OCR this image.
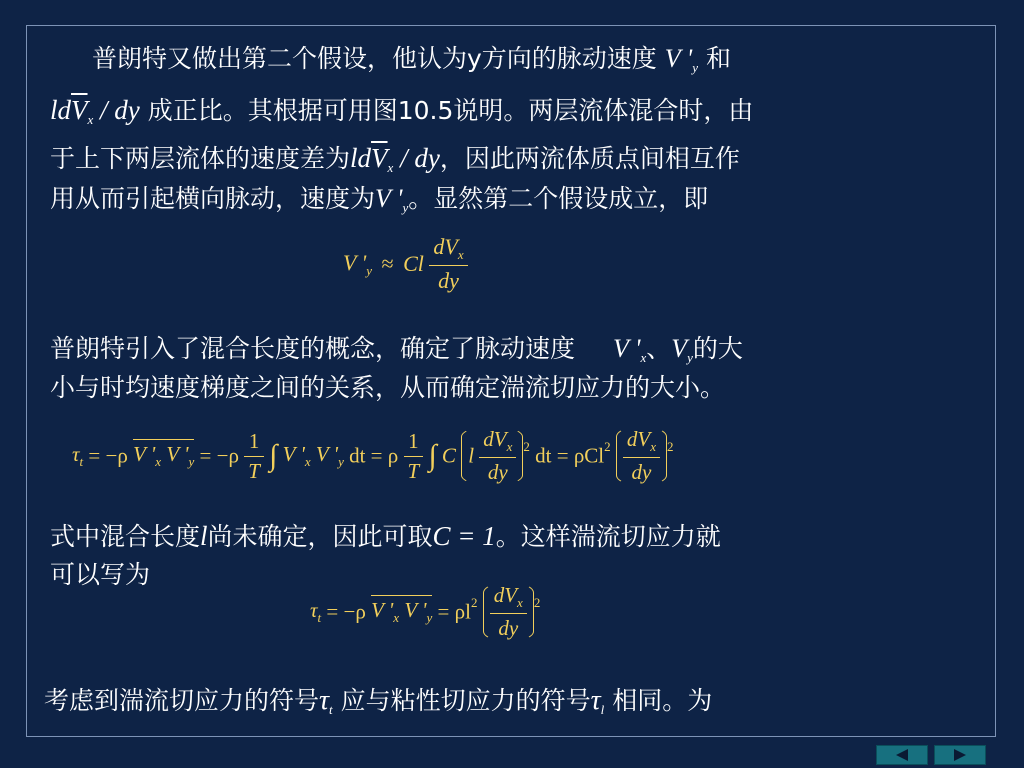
普朗特又做出第二个假设，他认为y方向的脉动速度 V '$_y$ 和
$ld\overline{V}_x$ / dy 成正比。其根据可用图10.5说明。两层流体混合时，由
于上下两层流体的速度差为$ld\overline{V}_x$ / dy，因此两流体质点间相互作
用从而引起横向脉动，速度为V '$_y$。显然第二个假设成立，即
V '$_y \approx Cl \frac{dV_x}{dy}$
普朗特引入了混合长度的概念，确定了脉动速度 V '$_x$、$V_y$的大
小与时均速度梯度之间的关系，从而确定湍流切应力的大小。
$\tau_t = -\rho$ V '$_x$ V '$_y = -\rho \frac{1}{T}$ ∫ V '$_x$ V '$_y$ dt = ρ $\frac{1}{T}$ ∫ C l $\frac{dV_x}{dy} ^2$ dt = $\rho Cl^2 \frac{dV_x}{dy} ^2$
式中混合长度l尚未确定，因此可取C = 1。这样湍流切应力就
可以写为
$\tau_t = -\rho$ V '$_x$ V '$_y = \rho l^2 \frac{dV_x}{dy} ^2$
考虑到湍流切应力的符号$\tau_t$ 应与粘性切应力的符号$\tau_l$ 相同。为
